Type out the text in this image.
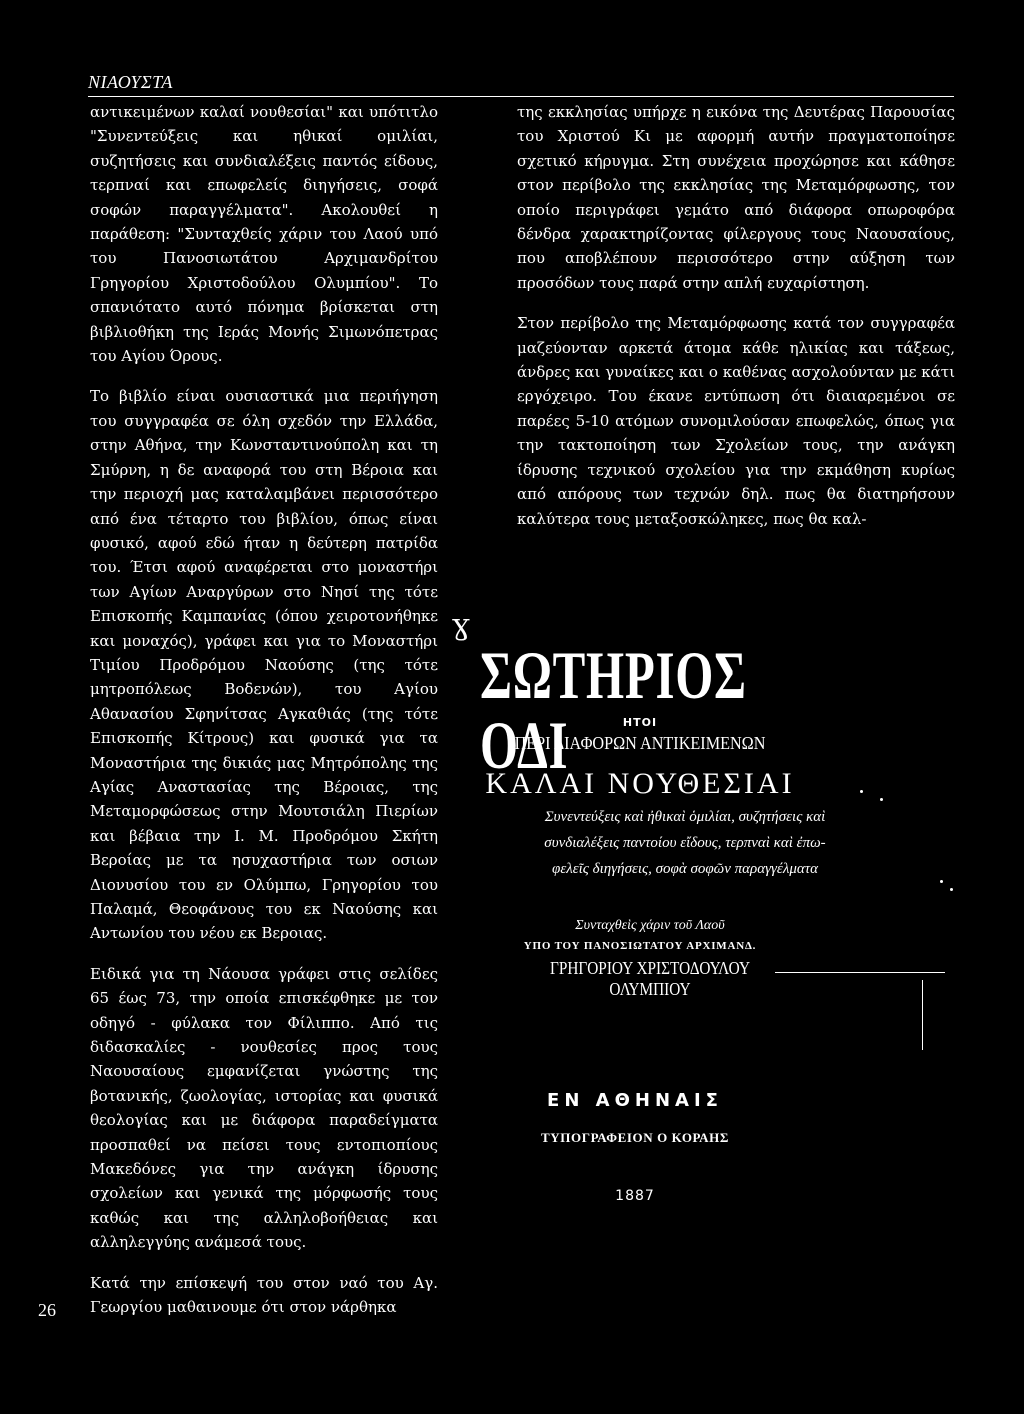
ΝΙΑΟΥΣΤΑ

αντικειμένων καλαί νουθεσίαι" και υπότιτλο "Συνεντεύξεις και ηθικαί ομιλίαι, συζητήσεις και συνδιαλέξεις παντός είδους, τερπναί και επωφελείς διηγήσεις, σοφά σοφών παραγγέλματα". Ακολουθεί η παράθεση: "Συνταχθείς χάριν του Λαού υπό του Πανοσιωτάτου Αρχιμανδρίτου Γρηγορίου Χριστοδούλου Ολυμπίου". Το σπανιότατο αυτό πόνημα βρίσκεται στη βιβλιοθήκη της Ιεράς Μονής Σιμωνόπετρας του Αγίου Όρους.

Το βιβλίο είναι ουσιαστικά μια περιήγηση του συγγραφέα σε όλη σχεδόν την Ελλάδα, στην Αθήνα, την Κωνσταντινούπολη και τη Σμύρνη, η δε αναφορά του στη Βέροια και την περιοχή μας καταλαμβάνει περισσότερο από ένα τέταρτο του βιβλίου, όπως είναι φυσικό, αφού εδώ ήταν η δεύτερη πατρίδα του. Έτσι αφού αναφέρεται στο μοναστήρι των Αγίων Αναργύρων στο Νησί της τότε Επισκοπής Καμπανίας (όπου χειροτονήθηκε και μοναχός), γράφει και για το Μοναστήρι Τιμίου Προδρόμου Ναούσης (της τότε μητροπόλεως Βοδενών), του Αγίου Αθανασίου Σφηνίτσας Αγκαθιάς (της τότε Επισκοπής Κίτρους) και φυσικά για τα Μοναστήρια της δικιάς μας Μητρόπολης της Αγίας Αναστασίας της Βέροιας, της Μεταμορφώσεως στην Μουτσιάλη Πιερίων και βέβαια την Ι. Μ. Προδρόμου Σκήτη Βεροίας με τα ησυχαστήρια των οσιων Διονυσίου του εν Ολύμπω, Γρηγορίου του Παλαμά, Θεοφάνους του εκ Ναούσης και Αντωνίου του νέου εκ Βεροιας.

Ειδικά για τη Νάουσα γράφει στις σελίδες 65 έως 73, την οποία επισκέφθηκε με τον οδηγό - φύλακα τον Φίλιππο. Από τις διδασκαλίες - νουθεσίες προς τους Ναουσαίους εμφανίζεται γνώστης της βοτανικής, ζωολογίας, ιστορίας και φυσικά θεολογίας και με διάφορα παραδείγματα προσπαθεί να πείσει τους εντοπιοπίους Μακεδόνες για την ανάγκη ίδρυσης σχολείων και γενικά της μόρφωσής τους καθώς και της αλληλοβοήθειας και αλληλεγγύης ανάμεσά τους.

Κατά την επίσκεψή του στον ναό του Αγ. Γεωργίου μαθαινουμε ότι στον νάρθηκα

της εκκλησίας υπήρχε η εικόνα της Δευτέρας Παρουσίας του Χριστού Κι με αφορμή αυτήν πραγματοποίησε σχετικό κήρυγμα. Στη συνέχεια προχώρησε και κάθησε στον περίβολο της εκκλησίας της Μεταμόρφωσης, τον οποίο περιγράφει γεμάτο από διάφορα οπωροφόρα δένδρα χαρακτηρίζοντας φίλεργους τους Ναουσαίους, που αποβλέπουν περισσότερο στην αύξηση των προσόδων τους παρά στην απλή ευχαρίστηση.

Στον περίβολο της Μεταμόρφωσης κατά τον συγγραφέα μαζεύονταν αρκετά άτομα κάθε ηλικίας και τάξεως, άνδρες και γυναίκες και ο καθένας ασχολούνταν με κάτι εργόχειρο. Του έκανε εντύπωση ότι διαιαρεμένοι σε παρέες 5-10 ατόμων συνομιλούσαν επωφελώς, όπως για την τακτοποίηση των Σχολείων τους, την ανάγκη ίδρυσης τεχνικού σχολείου για την εκμάθηση κυρίως από απόρους των τεχνών δηλ. πως θα διατηρήσουν καλύτερα τους μεταξοσκώληκες, πως θα καλ-

Ɣ
ΣΩΤΗΡΙΟΣ ΟΔΙ	ΗΤΟΙ
ΠΕΡΙ ΔΙΑΦΟΡΩΝ ΑΝΤΙΚΕΙΜΕΝΩΝ
ΚΑΛΑΙ ΝΟΥΘΕΣΙΑΙ
Συνεντεύξεις καὶ ἠθικαὶ ὁμιλίαι, συζητήσεις καὶ
συνδιαλέξεις παντοίου εἴδους, τερπναὶ καὶ ἐπω-
φελεῖς διηγήσεις, σοφὰ σοφῶν παραγγέλματα
Συνταχθεὶς χάριν τοῦ Λαοῦ
ΥΠΟ ΤΟΥ ΠΑΝΟΣΙΩΤΑΤΟΥ ΑΡΧΙΜΑΝΔ.
ΓΡΗΓΟΡΙΟΥ ΧΡΙΣΤΟΔΟΥΛΟΥ ΟΛΥΜΠΙΟΥ
ΕΝ ΑΘΗΝΑΙΣ
ΤΥΠΟΓΡΑΦΕΙΟΝ Ο ΚΟΡΑΗΣ
1887
26
